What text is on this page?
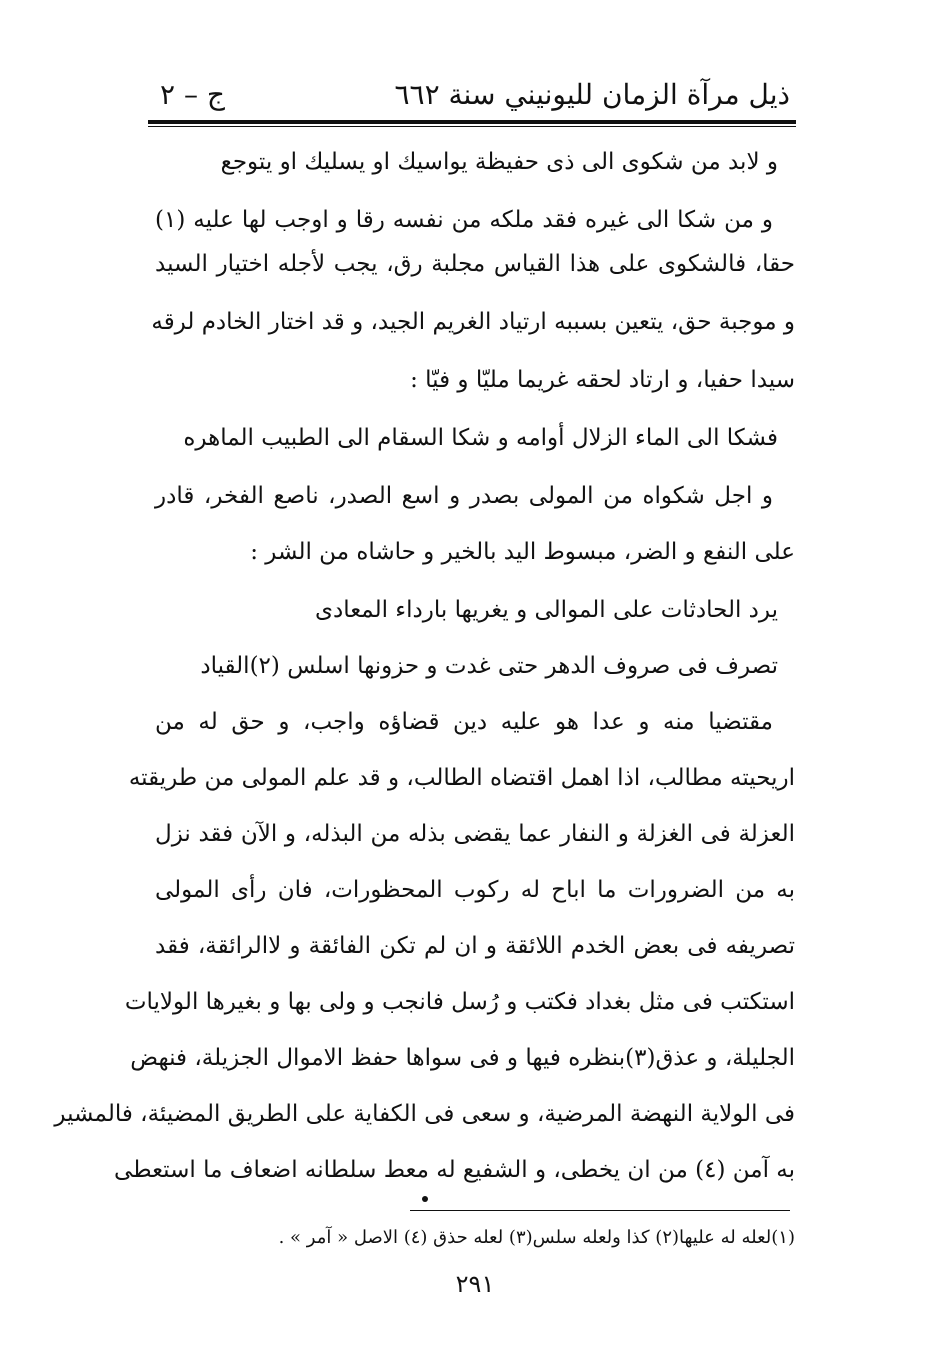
ذيل مرآة الزمان لليونيني سنة ٦٦٢
ج – ٢
و لابد من شكوى الى ذى حفيظة يواسيك او يسليك او يتوجع
و من شكا الى غيره فقد ملكه من نفسه رقا و اوجب لها عليه (١)
حقا، فالشكوى على هذا القياس مجلبة رق، يجب لأجله اختيار السيد
و موجبة حق، يتعين بسببه ارتياد الغريم الجيد، و قد اختار الخادم لرقه
سيدا حفيا، و ارتاد لحقه غريما مليّا و فيّا :
فشكا الى الماء الزلال أوامه و شكا السقام الى الطبيب الماهره
و اجل شكواه من المولى بصدر و اسع الصدر، ناصع الفخر، قادر
على النفع و الضر، مبسوط اليد بالخير و حاشاه من الشر :
يرد الحادثات على الموالى و يغريها بارداء المعادى
تصرف فى صروف الدهر حتى غدت و حزونها اسلس (٢)القياد
مقتضيا منه و عدا هو عليه دين قضاؤه واجب، و حق له من
اريحيته مطالب، اذا اهمل اقتضاه الطالب، و قد علم المولى من طريقته
العزلة فى الغزلة و النفار عما يقضى بذله من البذله، و الآن فقد نزل
به من الضرورات ما اباح له ركوب المحظورات، فان رأى المولى
تصريفه فى بعض الخدم اللائقة و ان لم تكن الفائقة و لاالرائقة، فقد
استكتب فى مثل بغداد فكتب و رُسل فانجب و ولى بها و بغيرها الولايات
الجليلة، و عذق(٣)بنظره فيها و فى سواها حفظ الاموال الجزيلة، فنهض
فى الولاية النهضة المرضية، و سعى فى الكفاية على الطريق المضيئة، فالمشير
به آمن (٤) من ان يخطى، و الشفيع له معط سلطانه اضعاف ما استعطى
(١)لعله له عليها(٢) كذا ولعله سلس(٣) لعله حذق (٤) الاصل « آمر » .
٢٩١
